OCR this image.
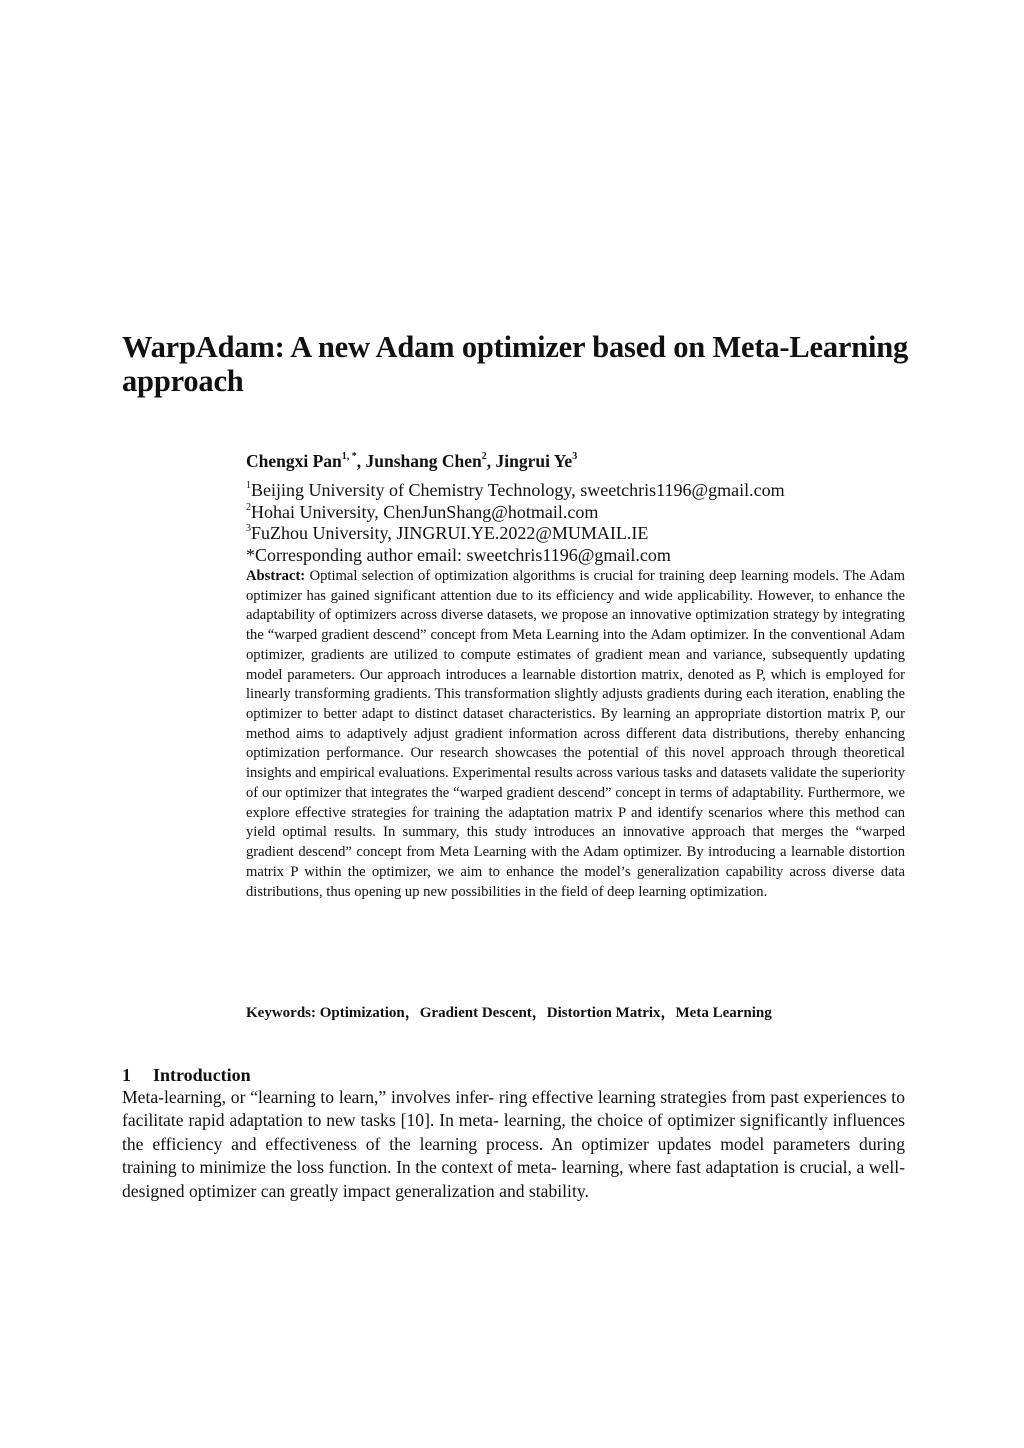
WarpAdam: A new Adam optimizer based on Meta-Learning approach

Chengxi Pan$^{1, *}$, Junshang Chen$^2$, Jingrui Ye$^3$

$^1$Beijing University of Chemistry Technology, sweetchris1196@gmail.com
$^2$Hohai University, ChenJunShang@hotmail.com
$^3$FuZhou University, JINGRUI.YE.2022@MUMAIL.IE
*Corresponding author email: sweetchris1196@gmail.com

Abstract: Optimal selection of optimization algorithms is crucial for training deep learning models. The Adam optimizer has gained significant attention due to its efficiency and wide applicability. However, to enhance the adaptability of optimizers across diverse datasets, we propose an innovative optimization strategy by integrating the “warped gradient descend” concept from Meta Learning into the Adam optimizer. In the conventional Adam optimizer, gradients are utilized to compute estimates of gradient mean and variance, subsequently updating model parameters. Our approach introduces a learnable distortion matrix, denoted as P, which is employed for linearly transforming gradients. This transformation slightly adjusts gradients during each iteration, enabling the optimizer to better adapt to distinct dataset characteristics. By learning an appropriate distortion matrix P, our method aims to adaptively adjust gradient information across different data distributions, thereby enhancing optimization performance. Our research showcases the potential of this novel approach through theoretical insights and empirical evaluations. Experimental results across various tasks and datasets validate the superiority of our optimizer that integrates the “warped gradient descend” concept in terms of adaptability. Furthermore, we explore effective strategies for training the adaptation matrix P and identify scenarios where this method can yield optimal results. In summary, this study introduces an innovative approach that merges the “warped gradient descend” concept from Meta Learning with the Adam optimizer. By introducing a learnable distortion matrix P within the optimizer, we aim to enhance the model’s generalization capability across diverse data distributions, thus opening up new possibilities in the field of deep learning optimization.

Keywords: Optimization，Gradient Descent，Distortion Matrix，Meta Learning

1 Introduction

Meta-learning, or “learning to learn,” involves infer- ring effective learning strategies from past experiences to facilitate rapid adaptation to new tasks [10]. In meta- learning, the choice of optimizer significantly influences the efficiency and effectiveness of the learning process. An optimizer updates model parameters during training to minimize the loss function. In the context of meta- learning, where fast adaptation is crucial, a well-designed optimizer can greatly impact generalization and stability.
